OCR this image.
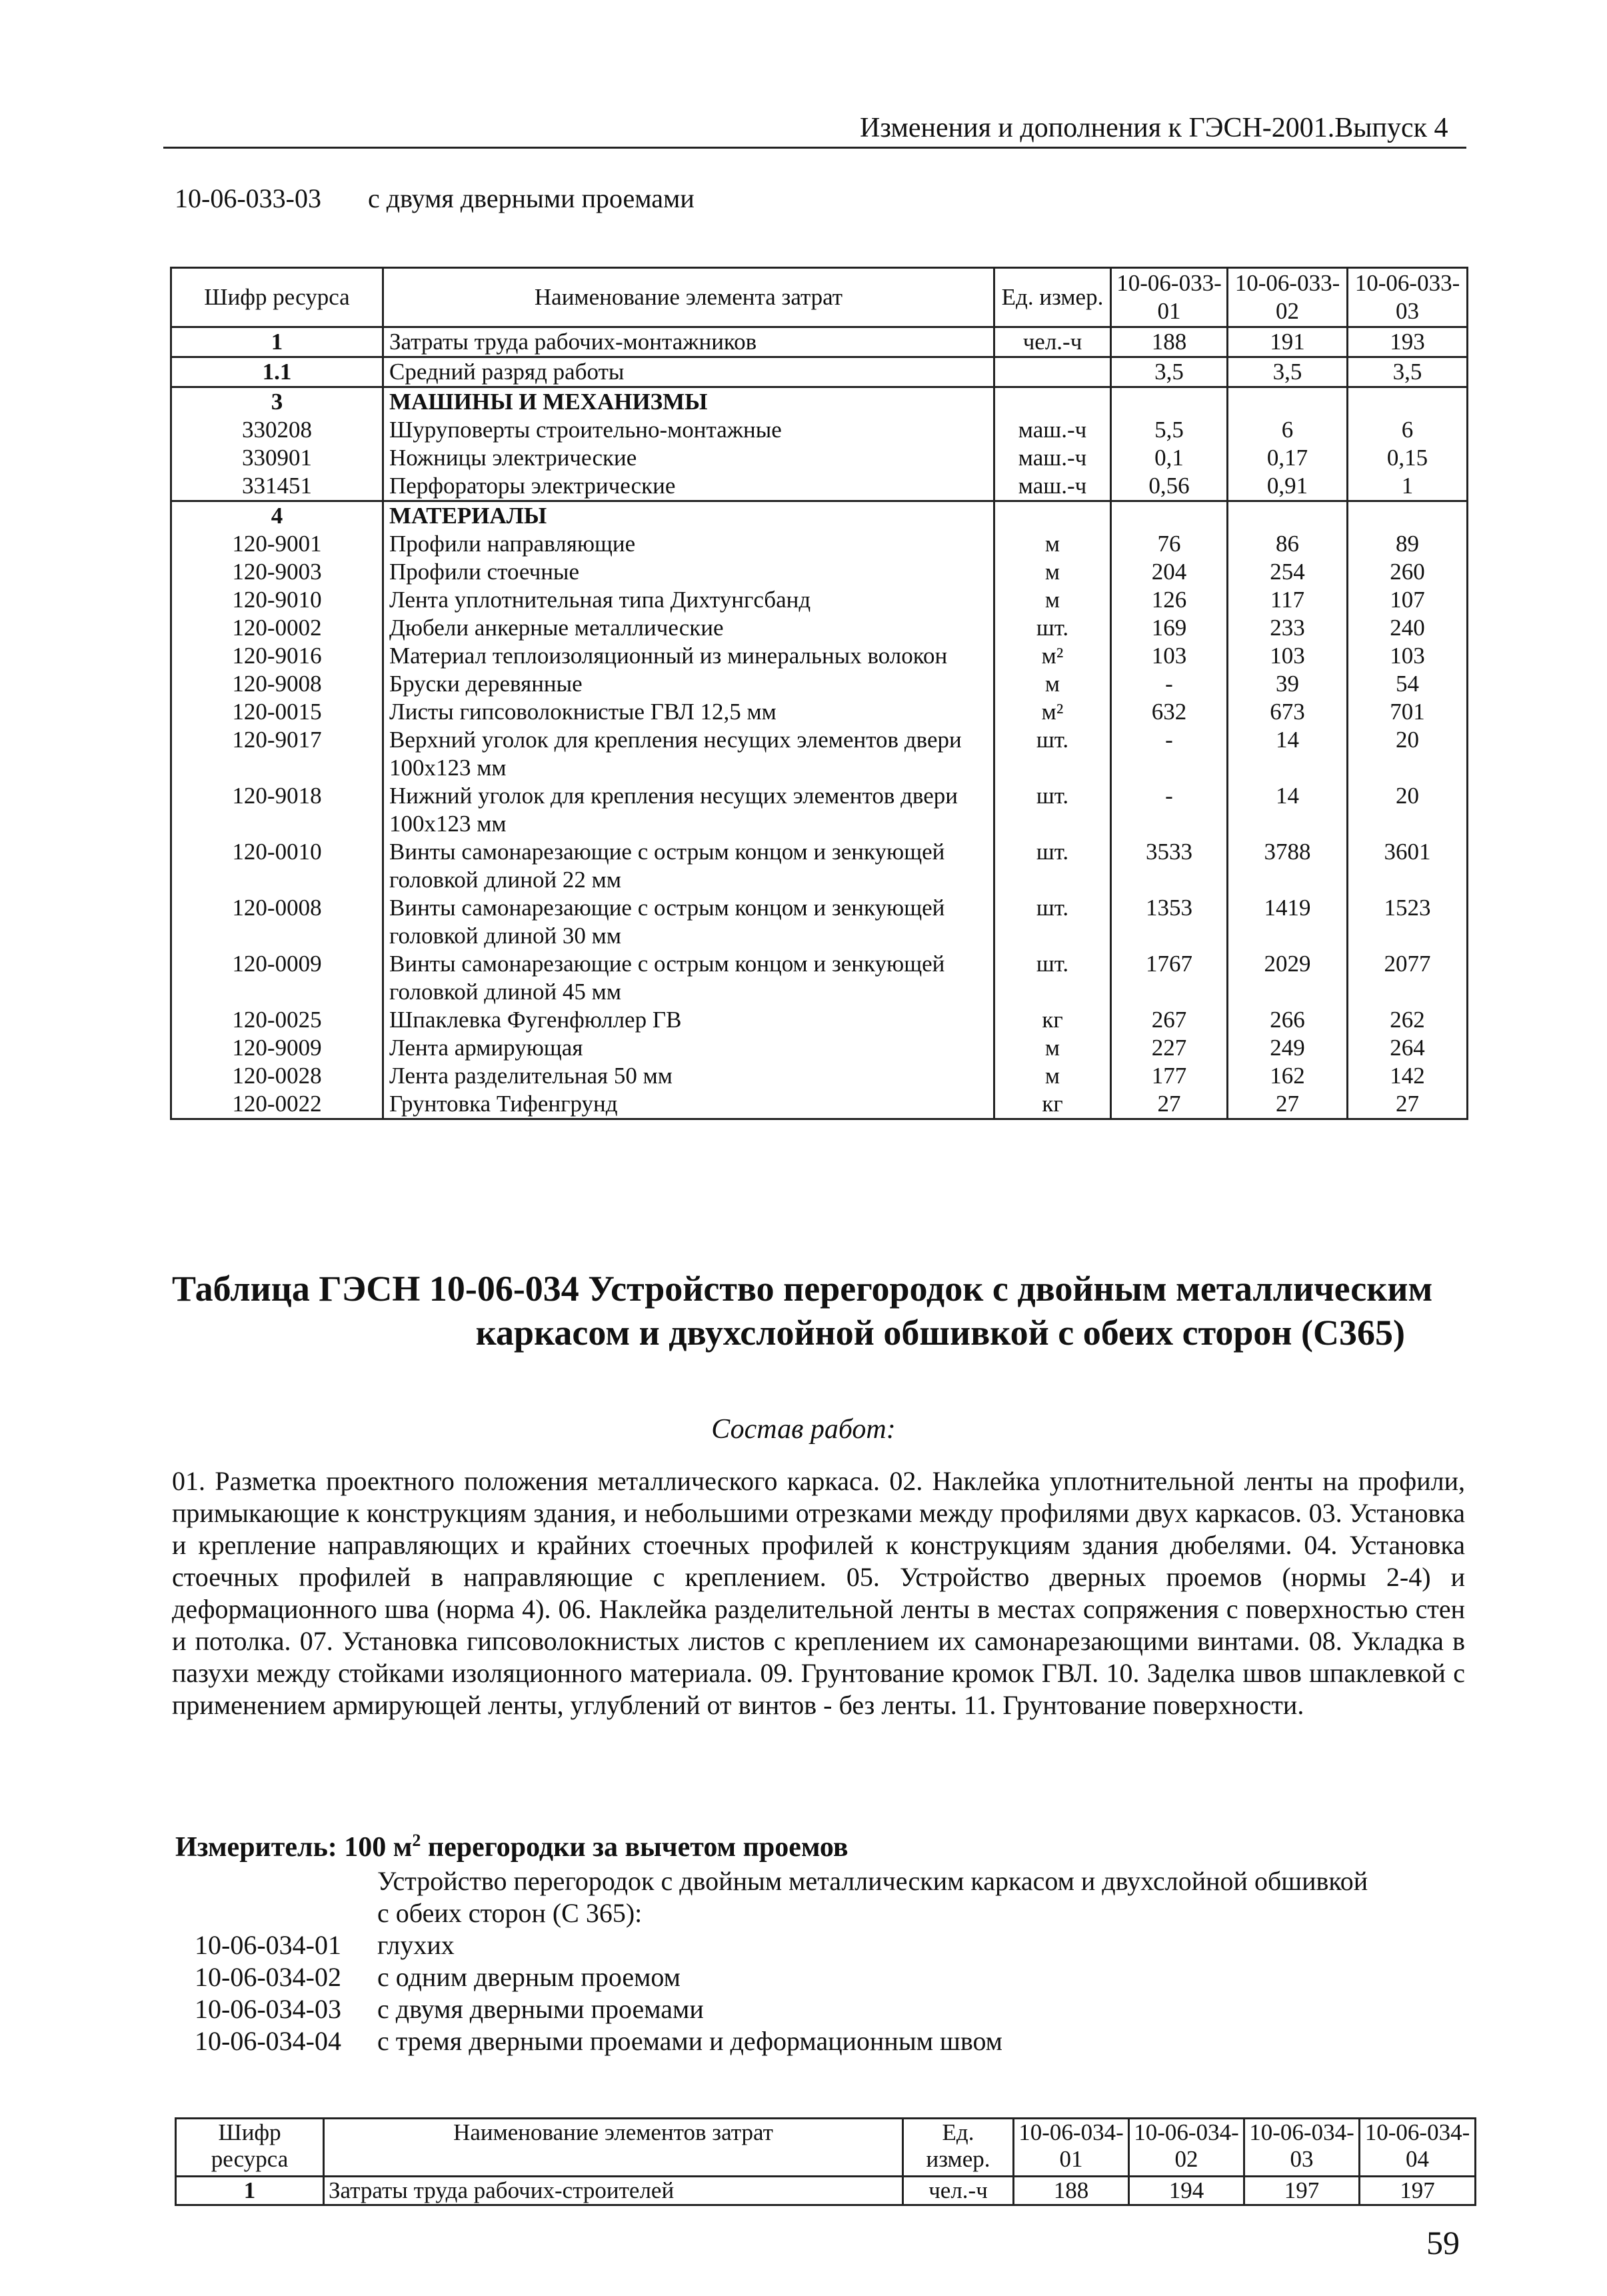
Изменения и дополнения к ГЭСН-2001.Выпуск 4
10-06-033-03 с двумя дверными проемами
Шифр ресурса	Наименование элемента затрат	Ед. измер.	10-06-033-01	10-06-033-02	10-06-033-03
1	Затраты труда рабочих-монтажников	чел.-ч	188	191	193
1.1	Средний разряд работы		3,5	3,5	3,5
3	МАШИНЫ И МЕХАНИЗМЫ				
330208	Шуруповерты строительно-монтажные	маш.-ч	5,5	6	6
330901	Ножницы электрические	маш.-ч	0,1	0,17	0,15
331451	Перфораторы электрические	маш.-ч	0,56	0,91	1
4	МАТЕРИАЛЫ				
120-9001	Профили направляющие	м	76	86	89
120-9003	Профили стоечные	м	204	254	260
120-9010	Лента уплотнительная типа Дихтунгсбанд	м	126	117	107
120-0002	Дюбели анкерные металлические	шт.	169	233	240
120-9016	Материал теплоизоляционный из минеральных волокон	м²	103	103	103
120-9008	Бруски деревянные	м	-	39	54
120-0015	Листы гипсоволокнистые ГВЛ 12,5 мм	м²	632	673	701
120-9017	Верхний уголок для крепления несущих элементов двери 100х123 мм	шт.	-	14	20
120-9018	Нижний уголок для крепления несущих элементов двери 100х123 мм	шт.	-	14	20
120-0010	Винты самонарезающие с острым концом и зенкующей головкой длиной 22 мм	шт.	3533	3788	3601
120-0008	Винты самонарезающие с острым концом и зенкующей головкой длиной 30 мм	шт.	1353	1419	1523
120-0009	Винты самонарезающие с острым концом и зенкующей головкой длиной 45 мм	шт.	1767	2029	2077
120-0025	Шпаклевка Фугенфюллер ГВ	кг	267	266	262
120-9009	Лента армирующая	м	227	249	264
120-0028	Лента разделительная 50 мм	м	177	162	142
120-0022	Грунтовка Тифенгрунд	кг	27	27	27
Таблица ГЭСН 10-06-034 Устройство перегородок с двойным металлическим
каркасом и двухслойной обшивкой с обеих сторон (С365)
Состав работ:
01. Разметка проектного положения металлического каркаса. 02. Наклейка уплотнительной ленты на профили, примыкающие к конструкциям здания, и небольшими отрезками между профилями двух каркасов. 03. Установка и крепление направляющих и крайних стоечных профилей к конструкциям здания дюбелями. 04. Установка стоечных профилей в направляющие с креплением. 05. Устройство дверных проемов (нормы 2-4) и деформационного шва (норма 4). 06. Наклейка разделительной ленты в местах сопряжения с поверхностью стен и потолка. 07. Установка гипсоволокнистых листов с креплением их самонарезающими винтами. 08. Укладка в пазухи между стойками изоляционного материала. 09. Грунтование кромок ГВЛ. 10. Заделка швов шпаклевкой с применением армирующей ленты, углублений от винтов - без ленты. 11. Грунтование поверхности.
Измеритель: 100 $м^2$ перегородки за вычетом проемов
Устройство перегородок с двойным металлическим каркасом и двухслойной обшивкой с обеих сторон (С 365):
10-06-034-01 глухих
10-06-034-02 с одним дверным проемом
10-06-034-03 с двумя дверными проемами
10-06-034-04 с тремя дверными проемами и деформационным швом
Шифр ресурса	Наименование элементов затрат	Ед. измер.	10-06-034-01	10-06-034-02	10-06-034-03	10-06-034-04
1	Затраты труда рабочих-строителей	чел.-ч	188	194	197	197
59
